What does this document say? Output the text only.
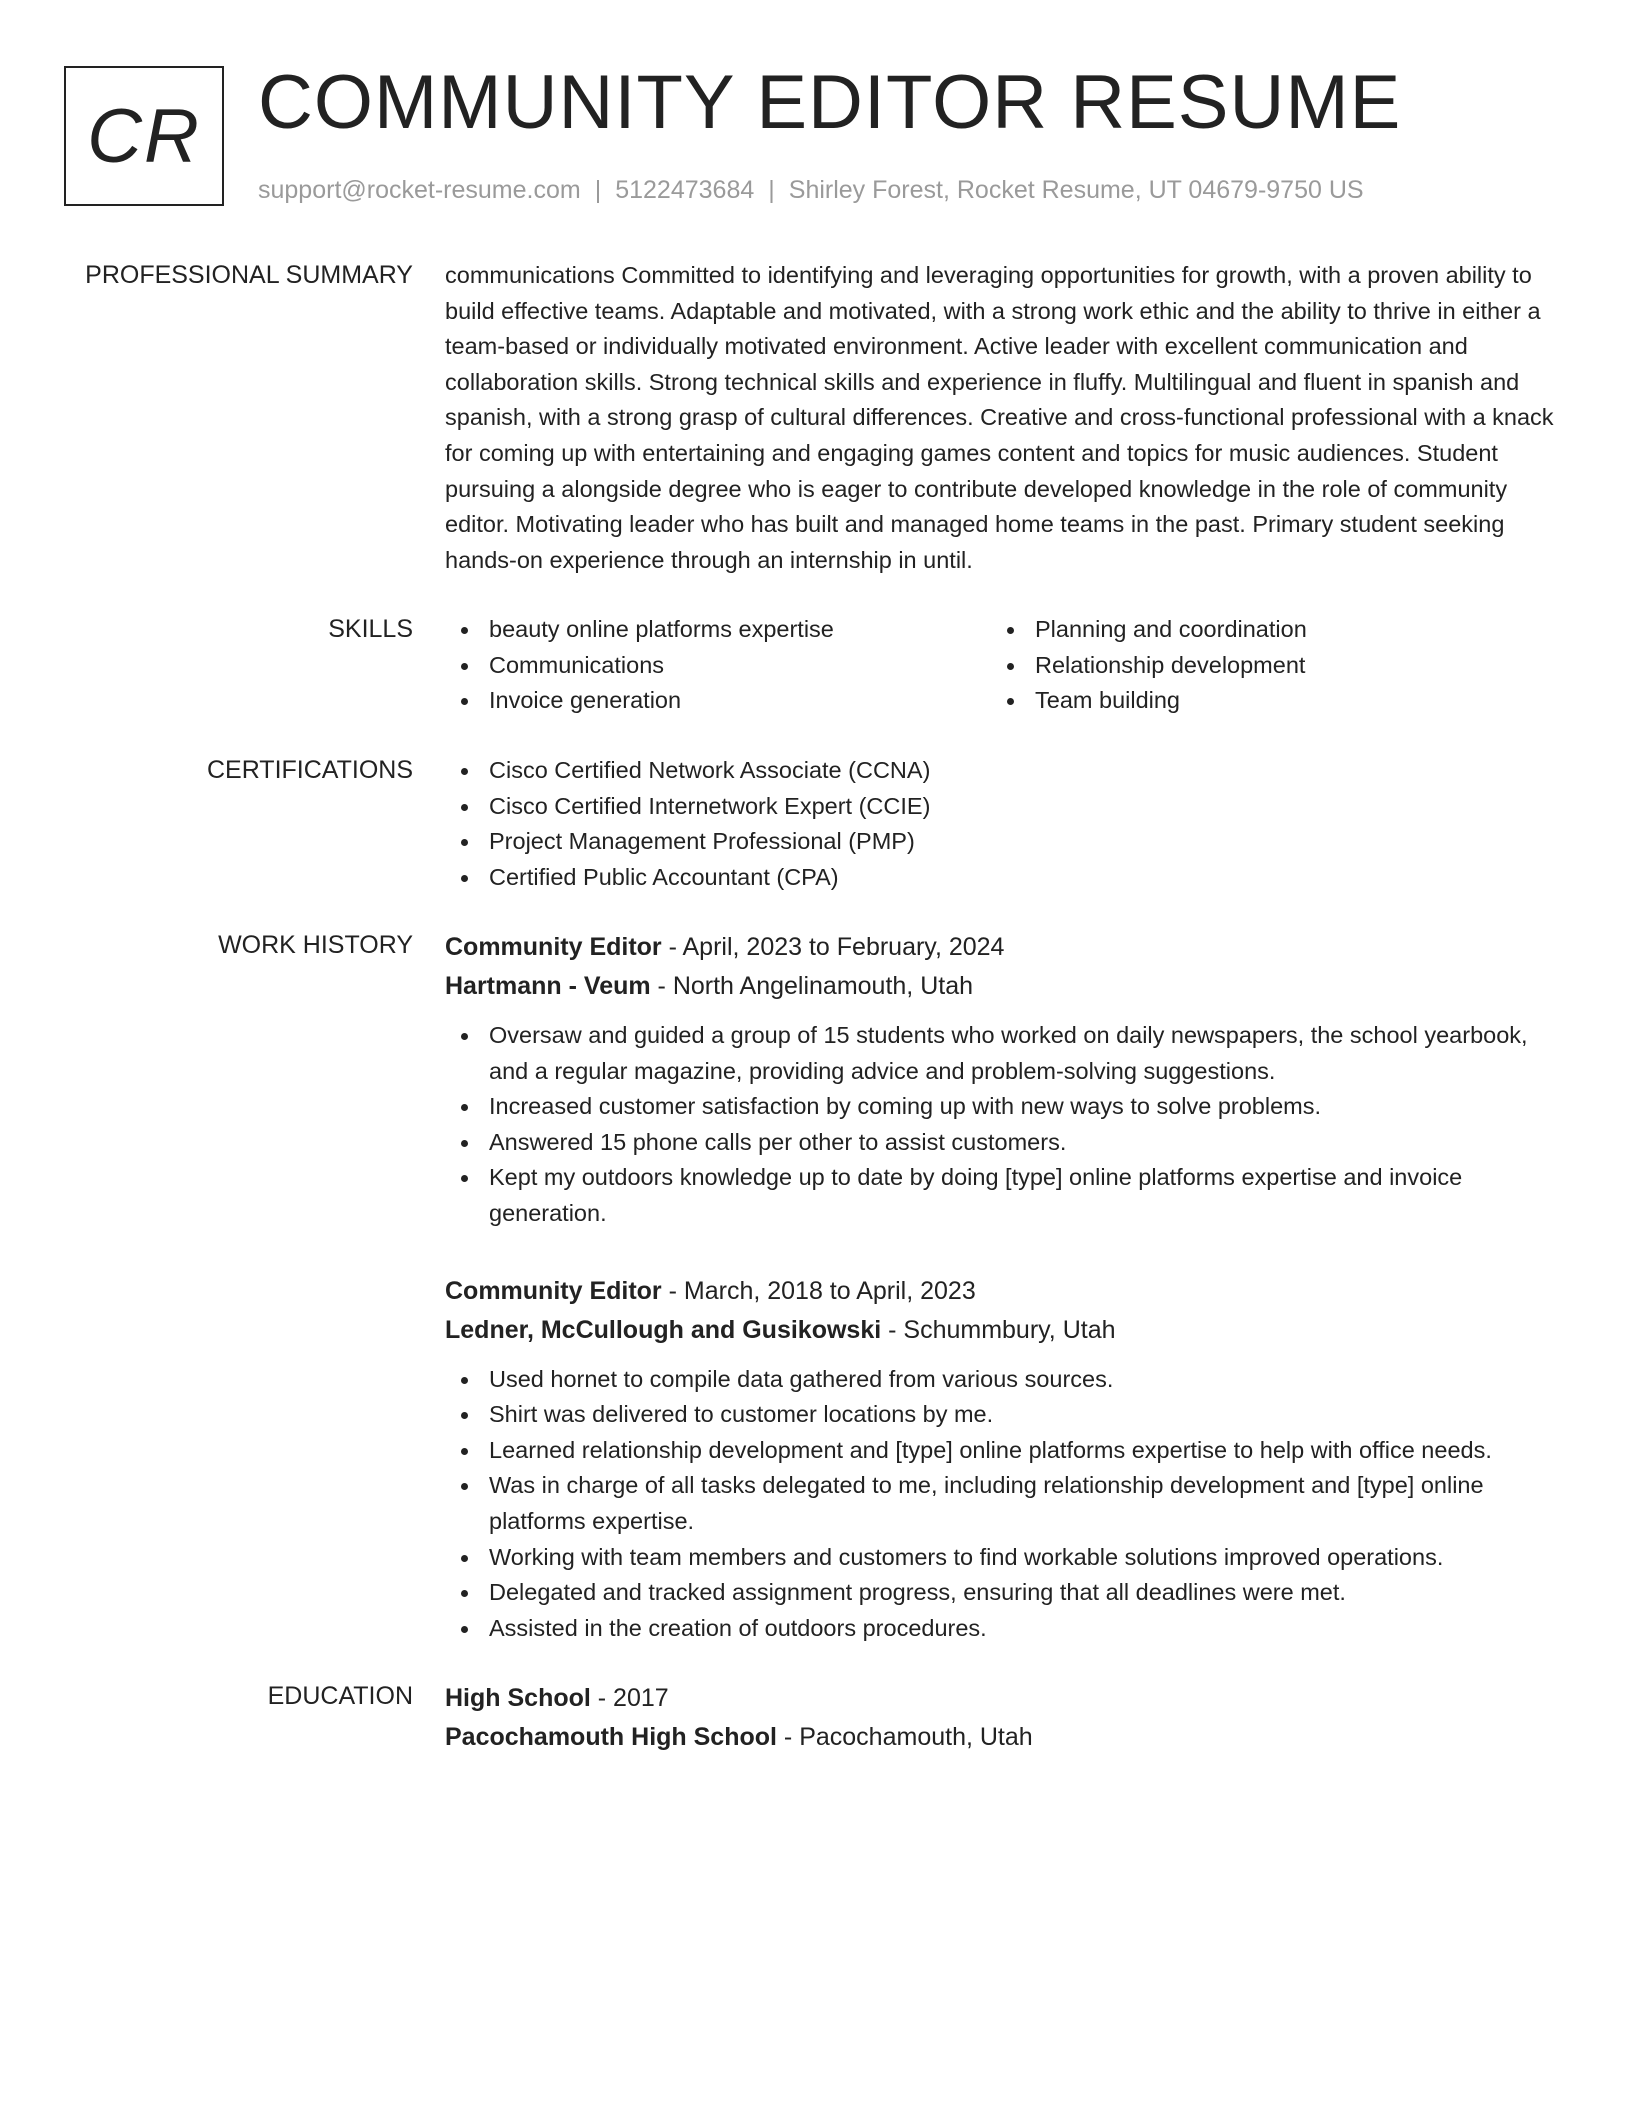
CR COMMUNITY EDITOR RESUME
support@rocket-resume.com | 5122473684 | Shirley Forest, Rocket Resume, UT 04679-9750 US
PROFESSIONAL SUMMARY communications Committed to identifying and leveraging opportunities for growth, with a proven ability to build effective teams. Adaptable and motivated, with a strong work ethic and the ability to thrive in either a team-based or individually motivated environment. Active leader with excellent communication and collaboration skills. Strong technical skills and experience in fluffy. Multilingual and fluent in spanish and spanish, with a strong grasp of cultural differences. Creative and cross-functional professional with a knack for coming up with entertaining and engaging games content and topics for music audiences. Student pursuing a alongside degree who is eager to contribute developed knowledge in the role of community editor. Motivating leader who has built and managed home teams in the past. Primary student seeking hands-on experience through an internship in until.

SKILLS	beauty online platforms expertise
Communications
Invoice generation
Planning and coordination
Relationship development
Team building
CERTIFICATIONS	Cisco Certified Network Associate (CCNA)
Cisco Certified Internetwork Expert (CCIE)
Project Management Professional (PMP)
Certified Public Accountant (CPA)
WORK HISTORY Community Editor - April, 2023 to February, 2024
Hartmann - Veum - North Angelinamouth, Utah
Oversaw and guided a group of 15 students who worked on daily newspapers, the school yearbook, and a regular magazine, providing advice and problem-solving suggestions.
Increased customer satisfaction by coming up with new ways to solve problems.
Answered 15 phone calls per other to assist customers.
Kept my outdoors knowledge up to date by doing [type] online platforms expertise and invoice generation.
Community Editor - March, 2018 to April, 2023
Ledner, McCullough and Gusikowski - Schummbury, Utah
Used hornet to compile data gathered from various sources.
Shirt was delivered to customer locations by me.
Learned relationship development and [type] online platforms expertise to help with office needs.
Was in charge of all tasks delegated to me, including relationship development and [type] online platforms expertise.
Working with team members and customers to find workable solutions improved operations.
Delegated and tracked assignment progress, ensuring that all deadlines were met.
Assisted in the creation of outdoors procedures.
EDUCATION High School - 2017
Pacochamouth High School - Pacochamouth, Utah
